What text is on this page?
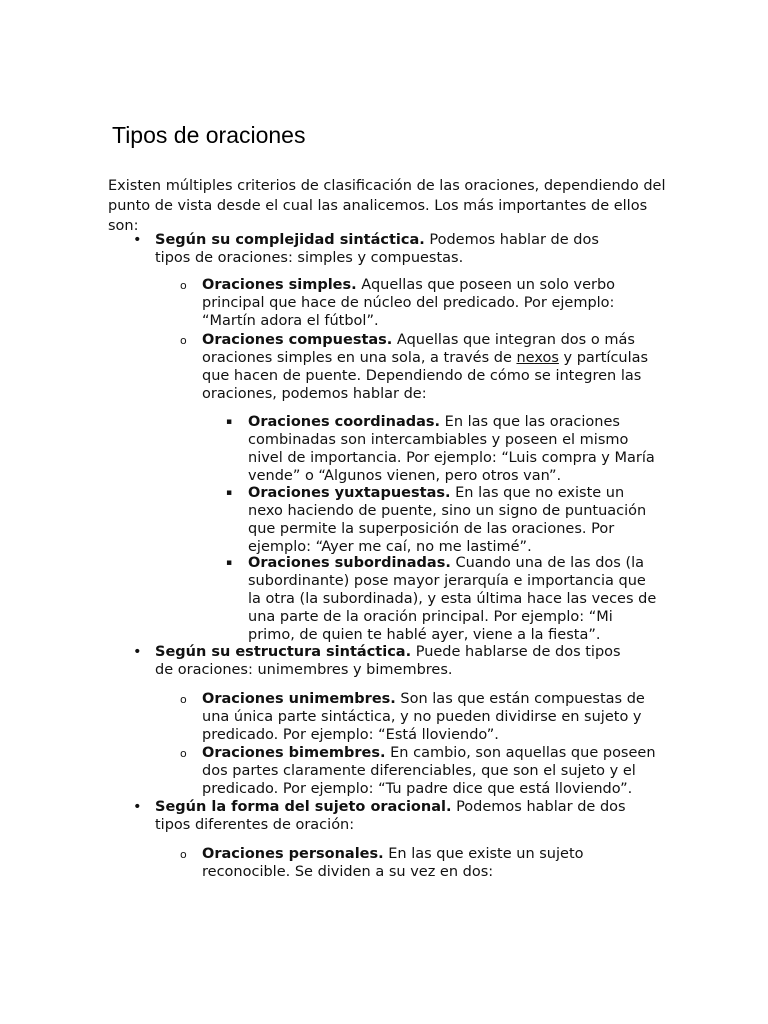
Tipos de oraciones

Existen múltiples criterios de clasificación de las oraciones, dependiendo del punto de vista desde el cual las analicemos. Los más importantes de ellos son:

• Según su complejidad sintáctica. Podemos hablar de dos tipos de oraciones: simples y compuestas.
o Oraciones simples. Aquellas que poseen un solo verbo principal que hace de núcleo del predicado. Por ejemplo: “Martín adora el fútbol”.
o Oraciones compuestas. Aquellas que integran dos o más oraciones simples en una sola, a través de nexos y partículas que hacen de puente. Dependiendo de cómo se integren las oraciones, podemos hablar de:
▪ Oraciones coordinadas. En las que las oraciones combinadas son intercambiables y poseen el mismo nivel de importancia. Por ejemplo: “Luis compra y María vende” o “Algunos vienen, pero otros van”.
▪ Oraciones yuxtapuestas. En las que no existe un nexo haciendo de puente, sino un signo de puntuación que permite la superposición de las oraciones. Por ejemplo: “Ayer me caí, no me lastimé”.
▪ Oraciones subordinadas. Cuando una de las dos (la subordinante) pose mayor jerarquía e importancia que la otra (la subordinada), y esta última hace las veces de una parte de la oración principal. Por ejemplo: “Mi primo, de quien te hablé ayer, viene a la fiesta”.
• Según su estructura sintáctica. Puede hablarse de dos tipos de oraciones: unimembres y bimembres.
o Oraciones unimembres. Son las que están compuestas de una única parte sintáctica, y no pueden dividirse en sujeto y predicado. Por ejemplo: “Está lloviendo”.
o Oraciones bimembres. En cambio, son aquellas que poseen dos partes claramente diferenciables, que son el sujeto y el predicado. Por ejemplo: “Tu padre dice que está lloviendo”.
• Según la forma del sujeto oracional. Podemos hablar de dos tipos diferentes de oración:
o Oraciones personales. En las que existe un sujeto reconocible. Se dividen a su vez en dos:
